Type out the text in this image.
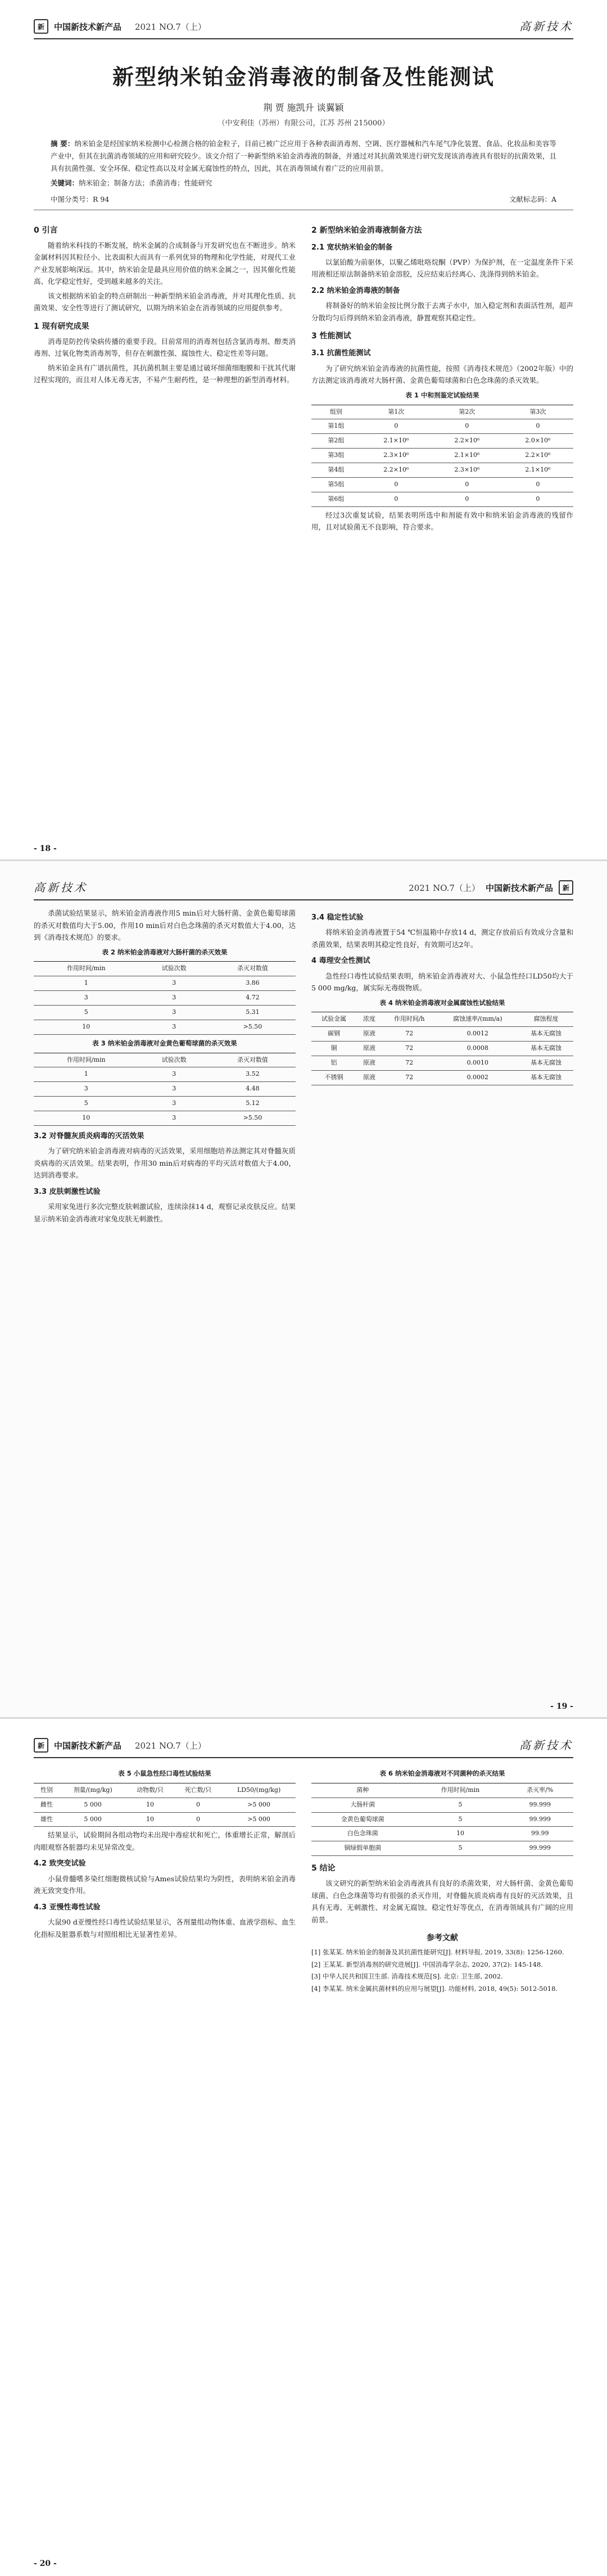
新	中国新技术新产品 2021 NO.7（上）	高新技术
新型纳米铂金消毒液的制备及性能测试
荆 贾 施凯升 谈翼颖
（中安利佳（苏州）有限公司，江苏 苏州 215000）
摘 要：纳米铂金是经国家纳米检测中心检测合格的铂金粒子，目前已被广泛应用于各种表面消毒剂、空调、医疗器械和汽车尾气净化装置、食品、化妆品和美容等产业中，但其在抗菌消毒领域的应用和研究较少。该文介绍了一种新型纳米铂金消毒液的制备，并通过对其抗菌效果进行研究发现该消毒液具有很好的抗菌效果，且具有抗菌性强、安全环保、稳定性高以及对金属无腐蚀性的特点，因此，其在消毒领域有着广泛的应用前景。
关键词：纳米铂金；制备方法；杀菌消毒；性能研究
中图分类号：R 94	文献标志码：A
0 引言

随着纳米科技的不断发展，纳米金属的合成制备与开发研究也在不断进步。纳米金属材料因其粒径小、比表面积大而具有一系列优异的物理和化学性能，对现代工业产业发展影响深远。其中，纳米铂金是最具应用价值的纳米金属之一，因其催化性能高、化学稳定性好，受到越来越多的关注。

该文根据纳米铂金的特点研制出一种新型纳米铂金消毒液，并对其理化性质、抗菌效果、安全性等进行了测试研究，以期为纳米铂金在消毒领域的应用提供参考。

1 现有研究成果

消毒是防控传染病传播的重要手段。目前常用的消毒剂包括含氯消毒剂、醇类消毒剂、过氧化物类消毒剂等，但存在刺激性强、腐蚀性大、稳定性差等问题。

纳米铂金具有广谱抗菌性，其抗菌机制主要是通过破坏细菌细胞膜和干扰其代谢过程实现的，而且对人体无毒无害，不易产生耐药性，是一种理想的新型消毒材料。

2 新型纳米铂金消毒液制备方法
2.1 宽状纳米铂金的制备

以氯铂酸为前驱体，以聚乙烯吡咯烷酮（PVP）为保护剂，在一定温度条件下采用液相还原法制备纳米铂金溶胶，反应结束后经离心、洗涤得到纳米铂金。

2.2 纳米铂金消毒液的制备

将制备好的纳米铂金按比例分散于去离子水中，加入稳定剂和表面活性剂，超声分散均匀后得到纳米铂金消毒液，静置观察其稳定性。

3 性能测试
3.1 抗菌性能测试

为了研究纳米铂金消毒液的抗菌性能，按照《消毒技术规范》（2002年版）中的方法测定该消毒液对大肠杆菌、金黄色葡萄球菌和白色念珠菌的杀灭效果。

表 1 中和剂鉴定试验结果
组别	第1次	第2次	第3次
第1组	0	0	0
第2组	2.1×10⁶	2.2×10⁶	2.0×10⁶
第3组	2.3×10⁶	2.1×10⁶	2.2×10⁶
第4组	2.2×10⁶	2.3×10⁶	2.1×10⁶
第5组	0	0	0
第6组	0	0	0

经过3次重复试验，结果表明所选中和剂能有效中和纳米铂金消毒液的残留作用，且对试验菌无不良影响，符合要求。

- 18 -
高新技术	2021 NO.7（上） 中国新技术新产品	新

杀菌试验结果显示，纳米铂金消毒液作用5 min后对大肠杆菌、金黄色葡萄球菌的杀灭对数值均大于5.00，作用10 min后对白色念珠菌的杀灭对数值大于4.00，达到《消毒技术规范》的要求。

表 2 纳米铂金消毒液对大肠杆菌的杀灭效果
作用时间/min	试验次数	杀灭对数值
1	3	3.86
3	3	4.72
5	3	5.31
10	3	>5.50
表 3 纳米铂金消毒液对金黄色葡萄球菌的杀灭效果
作用时间/min	试验次数	杀灭对数值
1	3	3.52
3	3	4.48
5	3	5.12
10	3	>5.50
3.2 对脊髓灰质炎病毒的灭活效果

为了研究纳米铂金消毒液对病毒的灭活效果，采用细胞培养法测定其对脊髓灰质炎病毒的灭活效果。结果表明，作用30 min后对病毒的平均灭活对数值大于4.00，达到消毒要求。

3.3 皮肤刺激性试验

采用家兔进行多次完整皮肤刺激试验，连续涂抹14 d，观察记录皮肤反应。结果显示纳米铂金消毒液对家兔皮肤无刺激性。

3.4 稳定性试验

将纳米铂金消毒液置于54 ℃恒温箱中存放14 d，测定存放前后有效成分含量和杀菌效果，结果表明其稳定性良好，有效期可达2年。

4 毒理安全性测试

急性经口毒性试验结果表明，纳米铂金消毒液对大、小鼠急性经口LD50均大于5 000 mg/kg，属实际无毒级物质。

表 4 纳米铂金消毒液对金属腐蚀性试验结果
试验金属	浓度	作用时间/h	腐蚀速率/(mm/a)	腐蚀程度
碳钢	原液	72	0.0012	基本无腐蚀
铜	原液	72	0.0008	基本无腐蚀
铝	原液	72	0.0010	基本无腐蚀
不锈钢	原液	72	0.0002	基本无腐蚀
- 19 -
新	中国新技术新产品 2021 NO.7（上）	高新技术
表 5 小鼠急性经口毒性试验结果
性别	剂量/(mg/kg)	动物数/只	死亡数/只	LD50/(mg/kg)
雌性	5 000	10	0	>5 000
雄性	5 000	10	0	>5 000

结果显示，试验期间各组动物均未出现中毒症状和死亡，体重增长正常，解剖后肉眼观察各脏器均未见异常改变。

4.2 致突变试验

小鼠骨髓嗜多染红细胞微核试验与Ames试验结果均为阴性，表明纳米铂金消毒液无致突变作用。

4.3 亚慢性毒性试验

大鼠90 d亚慢性经口毒性试验结果显示，各剂量组动物体重、血液学指标、血生化指标及脏器系数与对照组相比无显著性差异。

表 6 纳米铂金消毒液对不同菌种的杀灭结果
菌种	作用时间/min	杀灭率/%
大肠杆菌	5	99.999
金黄色葡萄球菌	5	99.999
白色念珠菌	10	99.99
铜绿假单胞菌	5	99.999
5 结论

该文研究的新型纳米铂金消毒液具有良好的杀菌效果，对大肠杆菌、金黄色葡萄球菌、白色念珠菌等均有很强的杀灭作用，对脊髓灰质炎病毒有良好的灭活效果，且具有无毒、无刺激性、对金属无腐蚀、稳定性好等优点，在消毒领域具有广阔的应用前景。

参考文献
[1] 张某某. 纳米铂金的制备及其抗菌性能研究[J]. 材料导报, 2019, 33(8): 1256-1260.
[2] 王某某. 新型消毒剂的研究进展[J]. 中国消毒学杂志, 2020, 37(2): 145-148.
[3] 中华人民共和国卫生部. 消毒技术规范[S]. 北京: 卫生部, 2002.
[4] 李某某. 纳米金属抗菌材料的应用与展望[J]. 功能材料, 2018, 49(5): 5012-5018.
- 20 -
